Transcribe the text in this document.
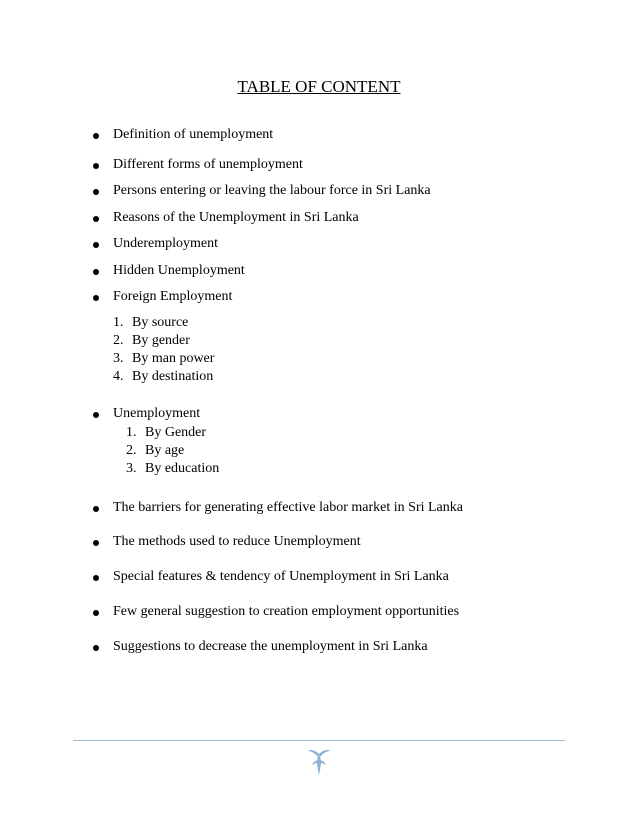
TABLE OF CONTENT
Definition of unemployment
Different forms of unemployment
Persons entering or leaving the labour force in Sri Lanka
Reasons of the Unemployment in Sri Lanka
Underemployment
Hidden Unemployment
Foreign Employment
1. By source
2. By gender
3. By man power
4. By destination
Unemployment
1. By Gender
2. By age
3. By education
The barriers for generating effective labor market in Sri Lanka
The methods used to reduce Unemployment
Special features & tendency of Unemployment in Sri Lanka
Few general suggestion to creation employment opportunities
Suggestions to decrease the unemployment in Sri Lanka
